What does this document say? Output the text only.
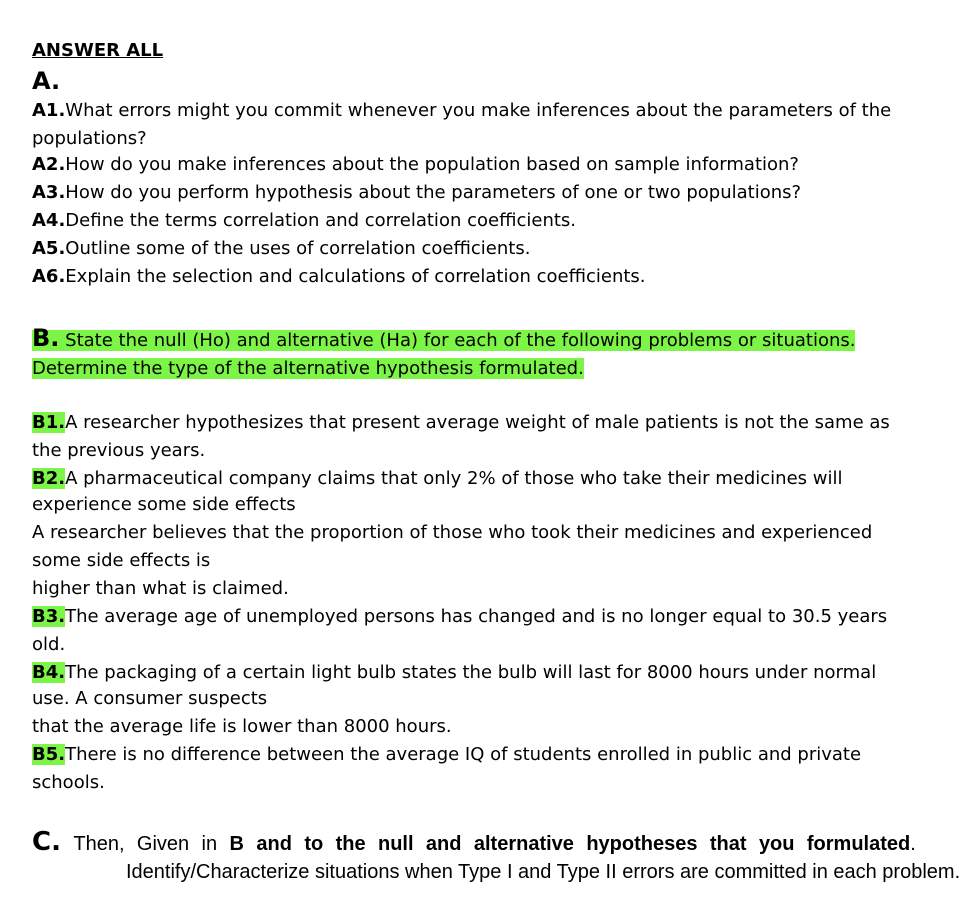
ANSWER ALL
A.
A1.What errors might you commit whenever you make inferences about the parameters of the
populations?
A2.How do you make inferences about the population based on sample information?
A3.How do you perform hypothesis about the parameters of one or two populations?
A4.Define the terms correlation and correlation coefficients.
A5.Outline some of the uses of correlation coefficients.
A6.Explain the selection and calculations of correlation coefficients.
B. State the null (Ho) and alternative (Ha) for each of the following problems or situations.
Determine the type of the alternative hypothesis formulated.
B1.A researcher hypothesizes that present average weight of male patients is not the same as
the previous years.
B2.A pharmaceutical company claims that only 2% of those who take their medicines will
experience some side effects
A researcher believes that the proportion of those who took their medicines and experienced
some side effects is
higher than what is claimed.
B3.The average age of unemployed persons has changed and is no longer equal to 30.5 years
old.
B4.The packaging of a certain light bulb states the bulb will last for 8000 hours under normal
use. A consumer suspects
that the average life is lower than 8000 hours.
B5.There is no difference between the average IQ of students enrolled in public and private
schools.
C. Then, Given in B and to the null and alternative hypotheses that you formulated.
Identify/Characterize situations when Type I and Type II errors are committed in each problem.
